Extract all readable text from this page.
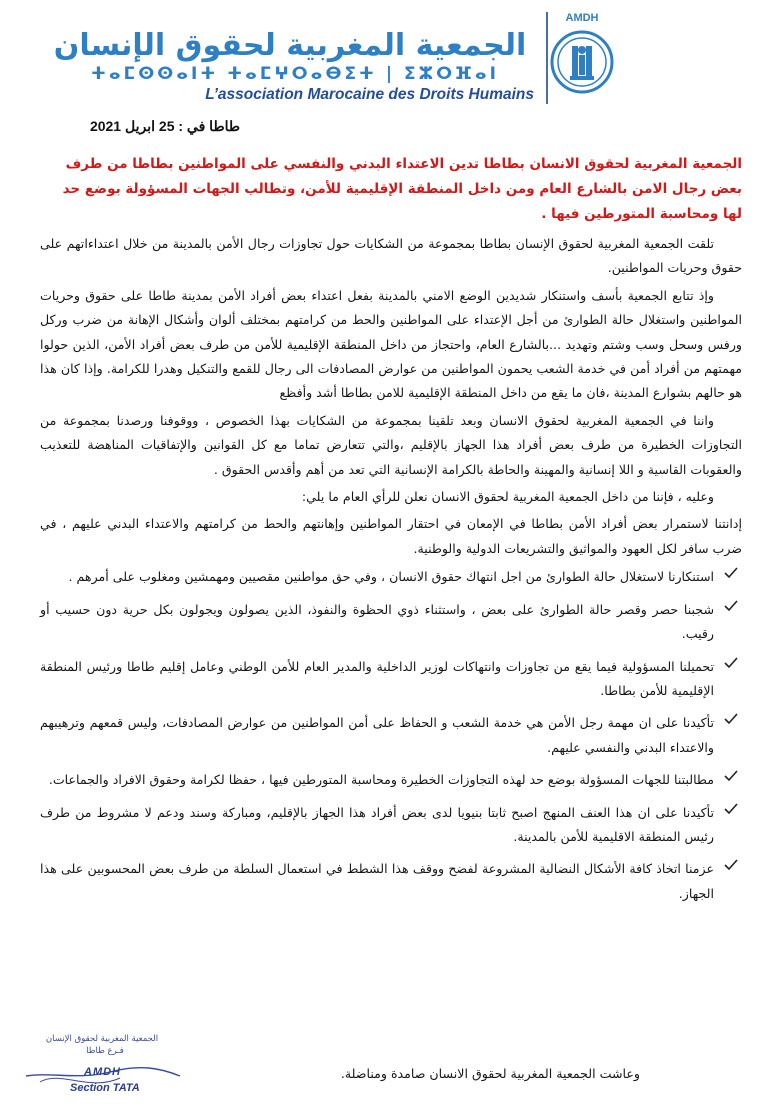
AMDH
الجمعية المغربية لحقوق الإنسان
ⵜⴰⵎⵙⵙⴰⵏⵜ ⵜⴰⵎⵖⵔⴰⴱⵉⵜ | ⵉⵣⵔⴼⴰⵏ
L’association Marocaine des Droits Humains
طاطا في : 25 ابريل 2021
الجمعية المغربية لحقوق الانسان بطاطا تدين الاعتداء البدني والنفسي على المواطنين بطاطا من طرف بعض رجال الامن بالشارع العام ومن داخل المنطقة الإقليمية للأمن، وتطالب الجهات المسؤولة بوضع حد لها ومحاسبة المتورطين فيها .

تلقت الجمعية المغربية لحقوق الإنسان بطاطا بمجموعة من الشكايات حول تجاوزات رجال الأمن بالمدينة من خلال اعتداءاتهم على حقوق وحريات المواطنين.

وإذ تتابع الجمعية بأسف واستنكار شديدين الوضع الامني بالمدينة بفعل اعتداء بعض أفراد الأمن بمدينة طاطا على حقوق وحريات المواطنين واستغلال حالة الطوارئ من أجل الإعتداء على المواطنين والحط من كرامتهم بمختلف ألوان وأشكال الإهانة من ضرب وركل ورفس وسحل وسب وشتم وتهديد ...بالشارع العام، واحتجاز من داخل المنطقة الإقليمية للأمن من طرف بعض أفراد الأمن، الذين حولوا مهمتهم من أفراد أمن في خدمة الشعب يحمون المواطنين من عوارض المصادفات الى رجال للقمع والتنكيل وهدرا للكرامة. وإذا كان هذا هو حالهم بشوارع المدينة ،فان ما يقع من داخل المنطقة الإقليمية للامن بطاطا أشد وأفظع

واننا في الجمعية المغربية لحقوق الانسان وبعد تلقينا بمجموعة من الشكايات بهذا الخصوص ، ووقوفنا ورصدنا بمجموعة من التجاوزات الخطيرة من طرف بعض أفراد هذا الجهاز بالإقليم ،والتي تتعارض تماما مع كل القوانين والإتفاقيات المناهضة للتعذيب والعقوبات القاسية و اللا إنسانية والمهينة والحاطة بالكرامة الإنسانية التي تعد من أهم وأقدس الحقوق .

وعليه ، فإننا من داخل الجمعية المغربية لحقوق الانسان نعلن للرأي العام ما يلي:

إدانتنا لاستمرار بعض أفراد الأمن بطاطا في الإمعان في احتقار المواطنين وإهانتهم والحط من كرامتهم والاعتداء البدني عليهم ، في ضرب سافر لكل العهود والمواثيق والتشريعات الدولية والوطنية.

استنكارنا لاستغلال حالة الطوارئ من اجل انتهاك حقوق الانسان ، وفي حق مواطنين مقصيين ومهمشين ومغلوب على أمرهم .
شجبنا حصر وقصر حالة الطوارئ على بعض ، واستثناء ذوي الحظوة والنفوذ، الذين يصولون ويجولون بكل حرية دون حسيب أو رقيب.
تحميلنا المسؤولية فيما يقع من تجاوزات وانتهاكات لوزير الداخلية والمدير العام للأمن الوطني وعامل إقليم طاطا ورئيس المنطقة الإقليمية للأمن بطاطا.
تأكيدنا على ان مهمة رجل الأمن هي خدمة الشعب و الحفاظ على أمن المواطنين من عوارض المصادفات، وليس قمعهم وترهيبهم والاعتداء البدني والنفسي عليهم.
مطالبتنا للجهات المسؤولة بوضع حد لهذه التجاوزات الخطيرة ومحاسبة المتورطين فيها ، حفظا لكرامة وحقوق الافراد والجماعات.
تأكيدنا على ان هذا العنف المنهج اصبح ثابتا بنيويا لدى بعض أفراد هذا الجهاز بالإقليم، ومباركة وسند ودعم لا مشروط من طرف رئيس المنطقة الاقليمية للأمن بالمدينة.
عزمنا اتخاذ كافة الأشكال النضالية المشروعة لفضح ووقف هذا الشطط في استعمال السلطة من طرف بعض المحسوبين على هذا الجهاز.
وعاشت الجمعية المغربية لحقوق الانسان صامدة ومناضلة.
الجمعية المغربية لحقوق الإنسان
فـرع طاطا
AMDH
Section TATA
